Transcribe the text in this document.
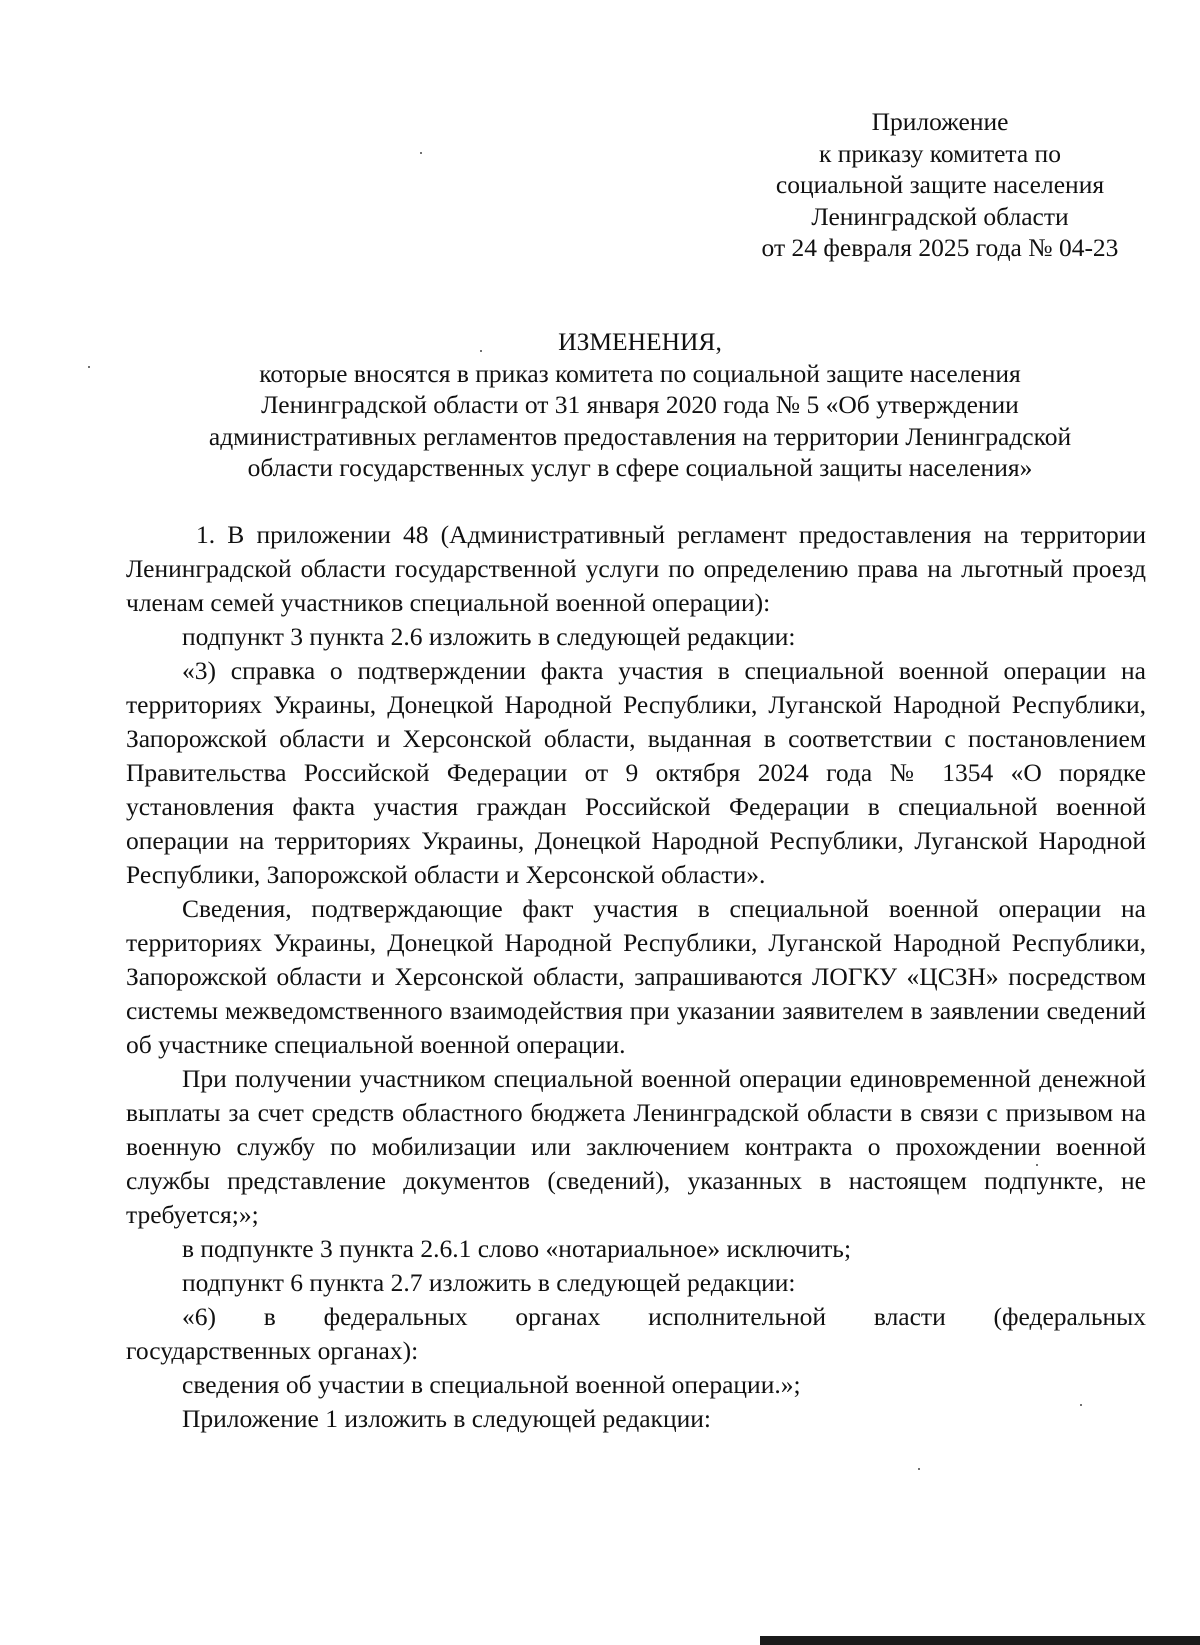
Приложение
к приказу комитета по
социальной защите населения
Ленинградской области
от 24 февраля 2025 года № 04-23
ИЗМЕНЕНИЯ,
которые вносятся в приказ комитета по социальной защите населения
Ленинградской области от 31 января 2020 года № 5 «Об утверждении
административных регламентов предоставления на территории Ленинградской
области государственных услуг в сфере социальной защиты населения»

1. В приложении 48 (Административный регламент предоставления на территории Ленинградской области государственной услуги по определению права на льготный проезд членам семей участников специальной военной операции):

подпункт 3 пункта 2.6 изложить в следующей редакции:

«3) справка о подтверждении факта участия в специальной военной операции на территориях Украины, Донецкой Народной Республики, Луганской Народной Республики, Запорожской области и Херсонской области, выданная в соответствии с постановлением Правительства Российской Федерации от 9 октября 2024 года № 1354 «О порядке установления факта участия граждан Российской Федерации в специальной военной операции на территориях Украины, Донецкой Народной Республики, Луганской Народной Республики, Запорожской области и Херсонской области».

Сведения, подтверждающие факт участия в специальной военной операции на территориях Украины, Донецкой Народной Республики, Луганской Народной Республики, Запорожской области и Херсонской области, запрашиваются ЛОГКУ «ЦСЗН» посредством системы межведомственного взаимодействия при указании заявителем в заявлении сведений об участнике специальной военной операции.

При получении участником специальной военной операции единовременной денежной выплаты за счет средств областного бюджета Ленинградской области в связи с призывом на военную службу по мобилизации или заключением контракта о прохождении военной службы представление документов (сведений), указанных в настоящем подпункте, не требуется;»;

в подпункте 3 пункта 2.6.1 слово «нотариальное» исключить;

подпункт 6 пункта 2.7 изложить в следующей редакции:

«6) в федеральных органах исполнительной власти (федеральных
государственных органах):

сведения об участии в специальной военной операции.»;

Приложение 1 изложить в следующей редакции:
